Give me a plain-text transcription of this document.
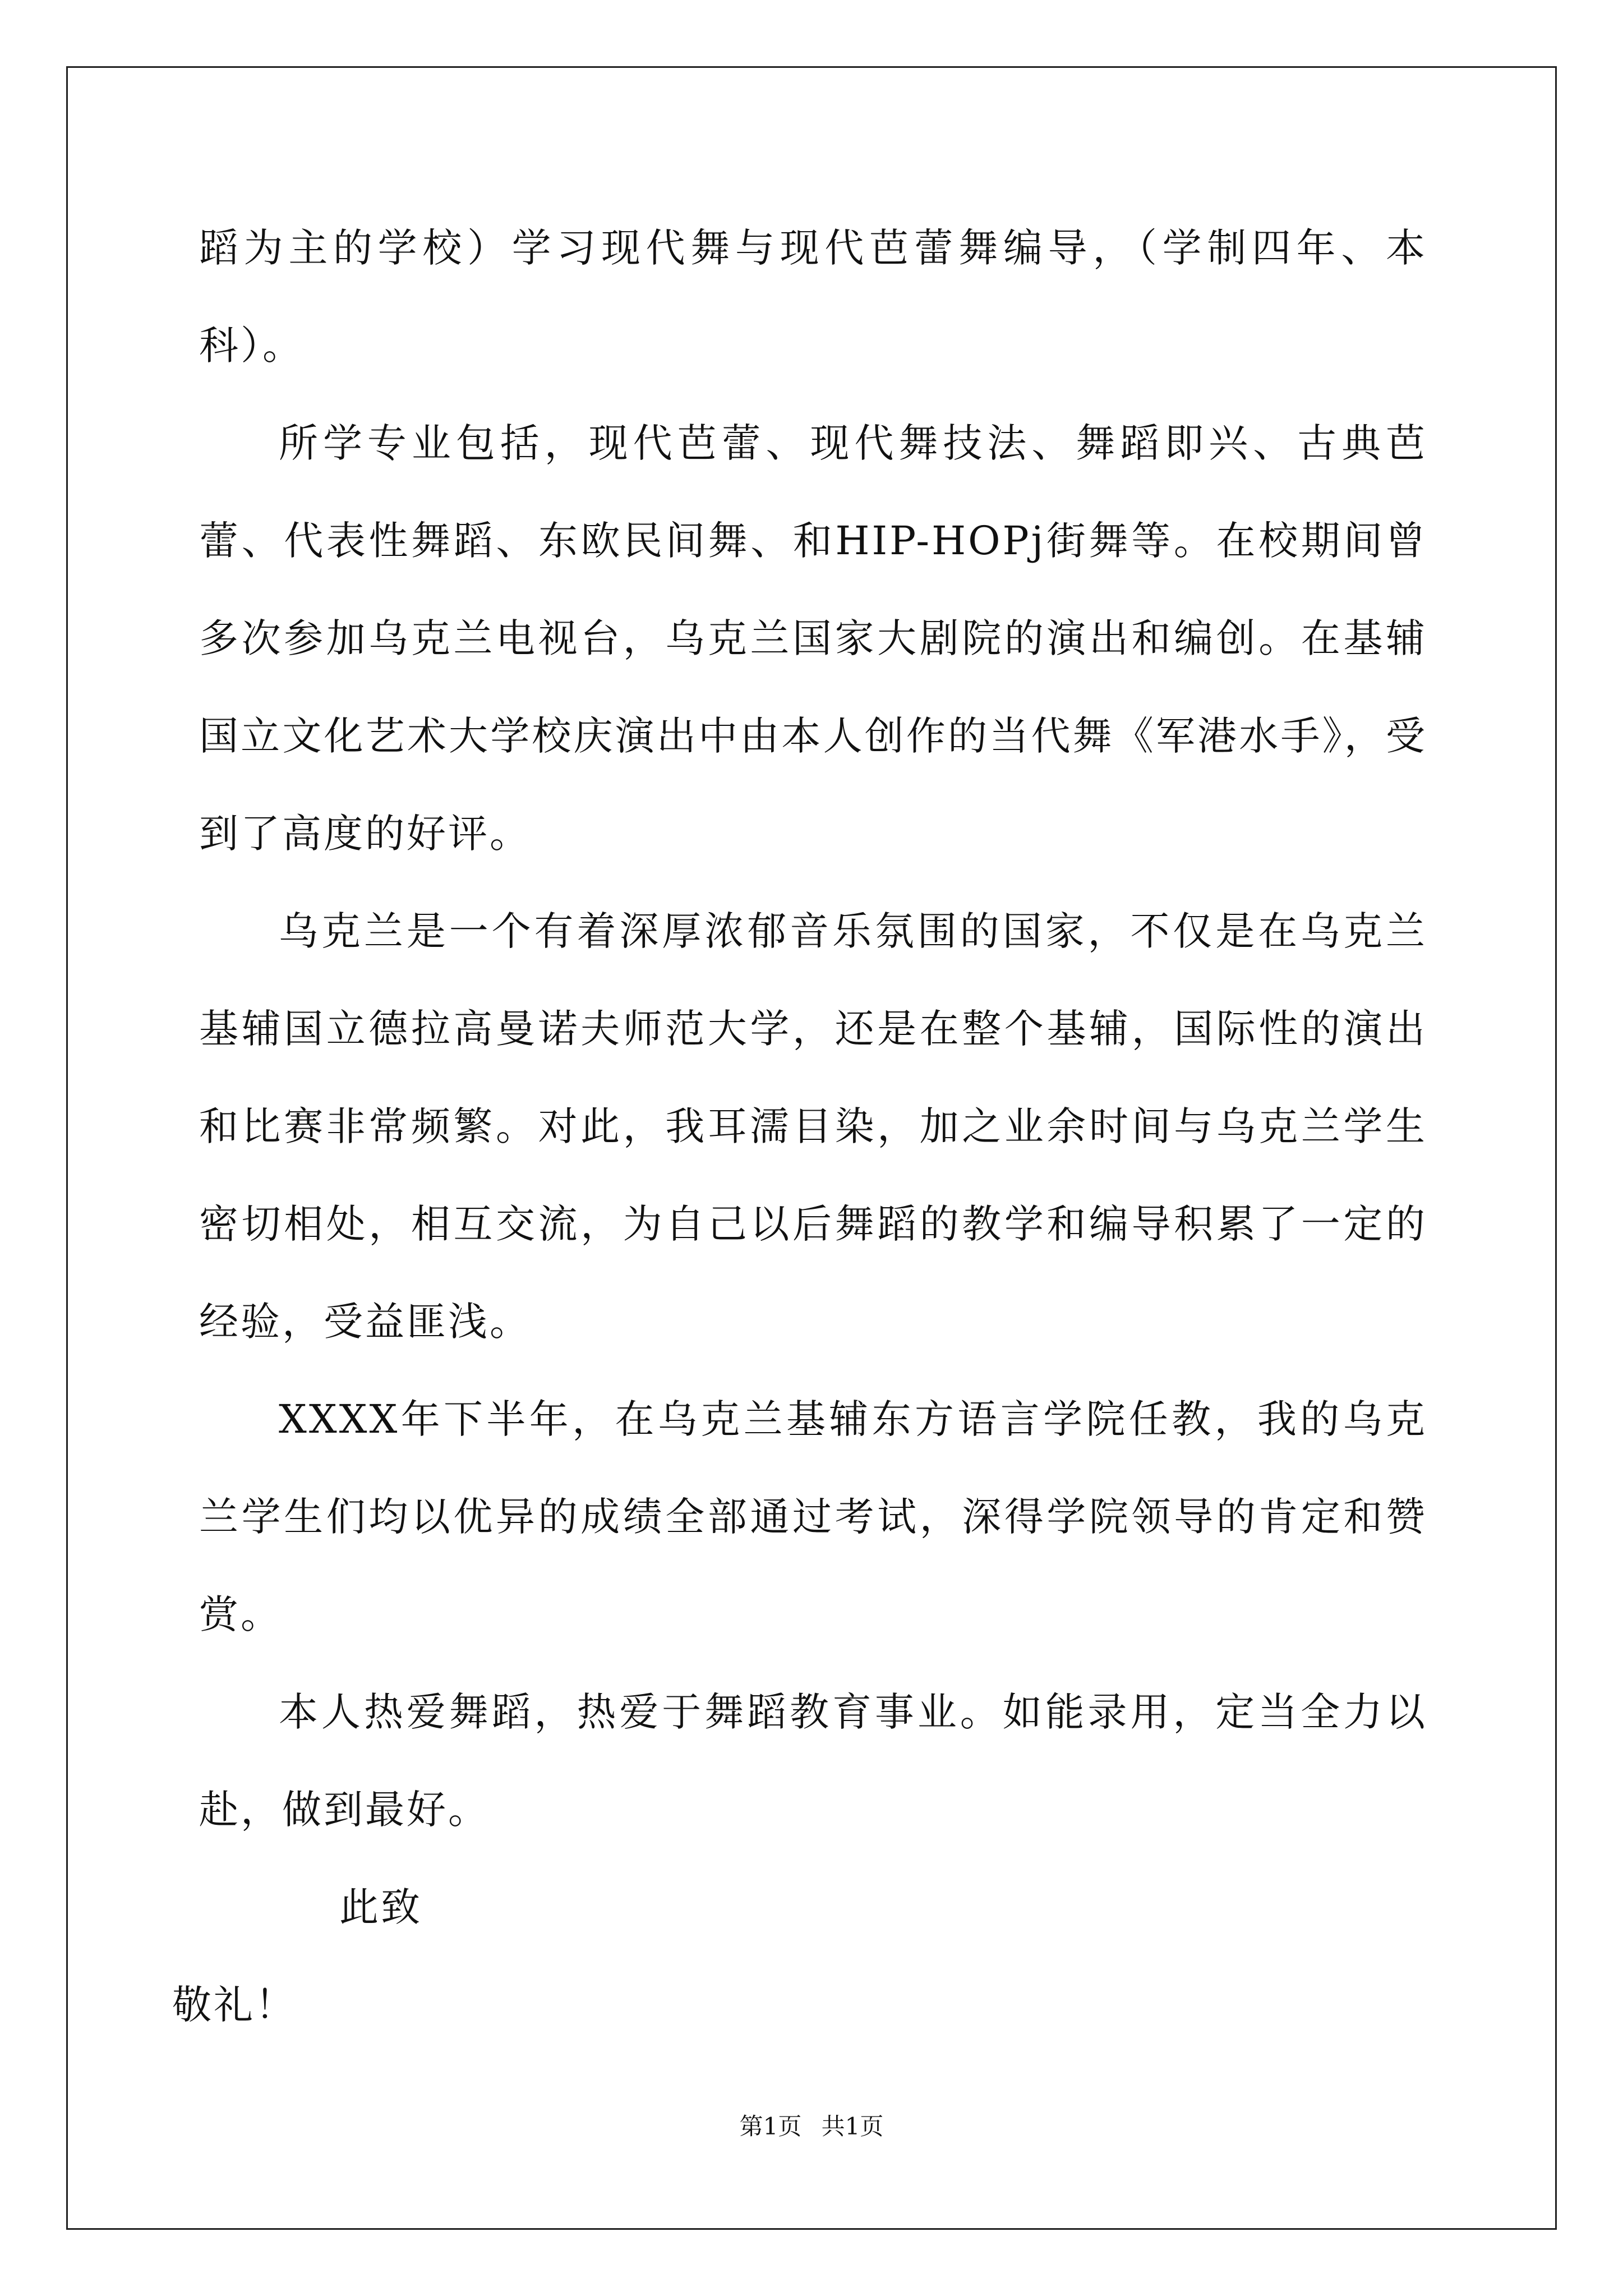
蹈为主的学校）学习现代舞与现代芭蕾舞编导，（学制四年、本科）。

所学专业包括，现代芭蕾、现代舞技法、舞蹈即兴、古典芭蕾、代表性舞蹈、东欧民间舞、和HIP-HOPj街舞等。在校期间曾多次参加乌克兰电视台，乌克兰国家大剧院的演出和编创。在基辅国立文化艺术大学校庆演出中由本人创作的当代舞《军港水手》，受到了高度的好评。

乌克兰是一个有着深厚浓郁音乐氛围的国家，不仅是在乌克兰基辅国立德拉高曼诺夫师范大学，还是在整个基辅，国际性的演出和比赛非常频繁。对此，我耳濡目染，加之业余时间与乌克兰学生密切相处，相互交流，为自己以后舞蹈的教学和编导积累了一定的经验，受益匪浅。

XXXX年下半年，在乌克兰基辅东方语言学院任教，我的乌克兰学生们均以优异的成绩全部通过考试，深得学院领导的肯定和赞赏。

本人热爱舞蹈，热爱于舞蹈教育事业。如能录用，定当全力以赴，做到最好。

此致

敬礼！

第1页 共1页
